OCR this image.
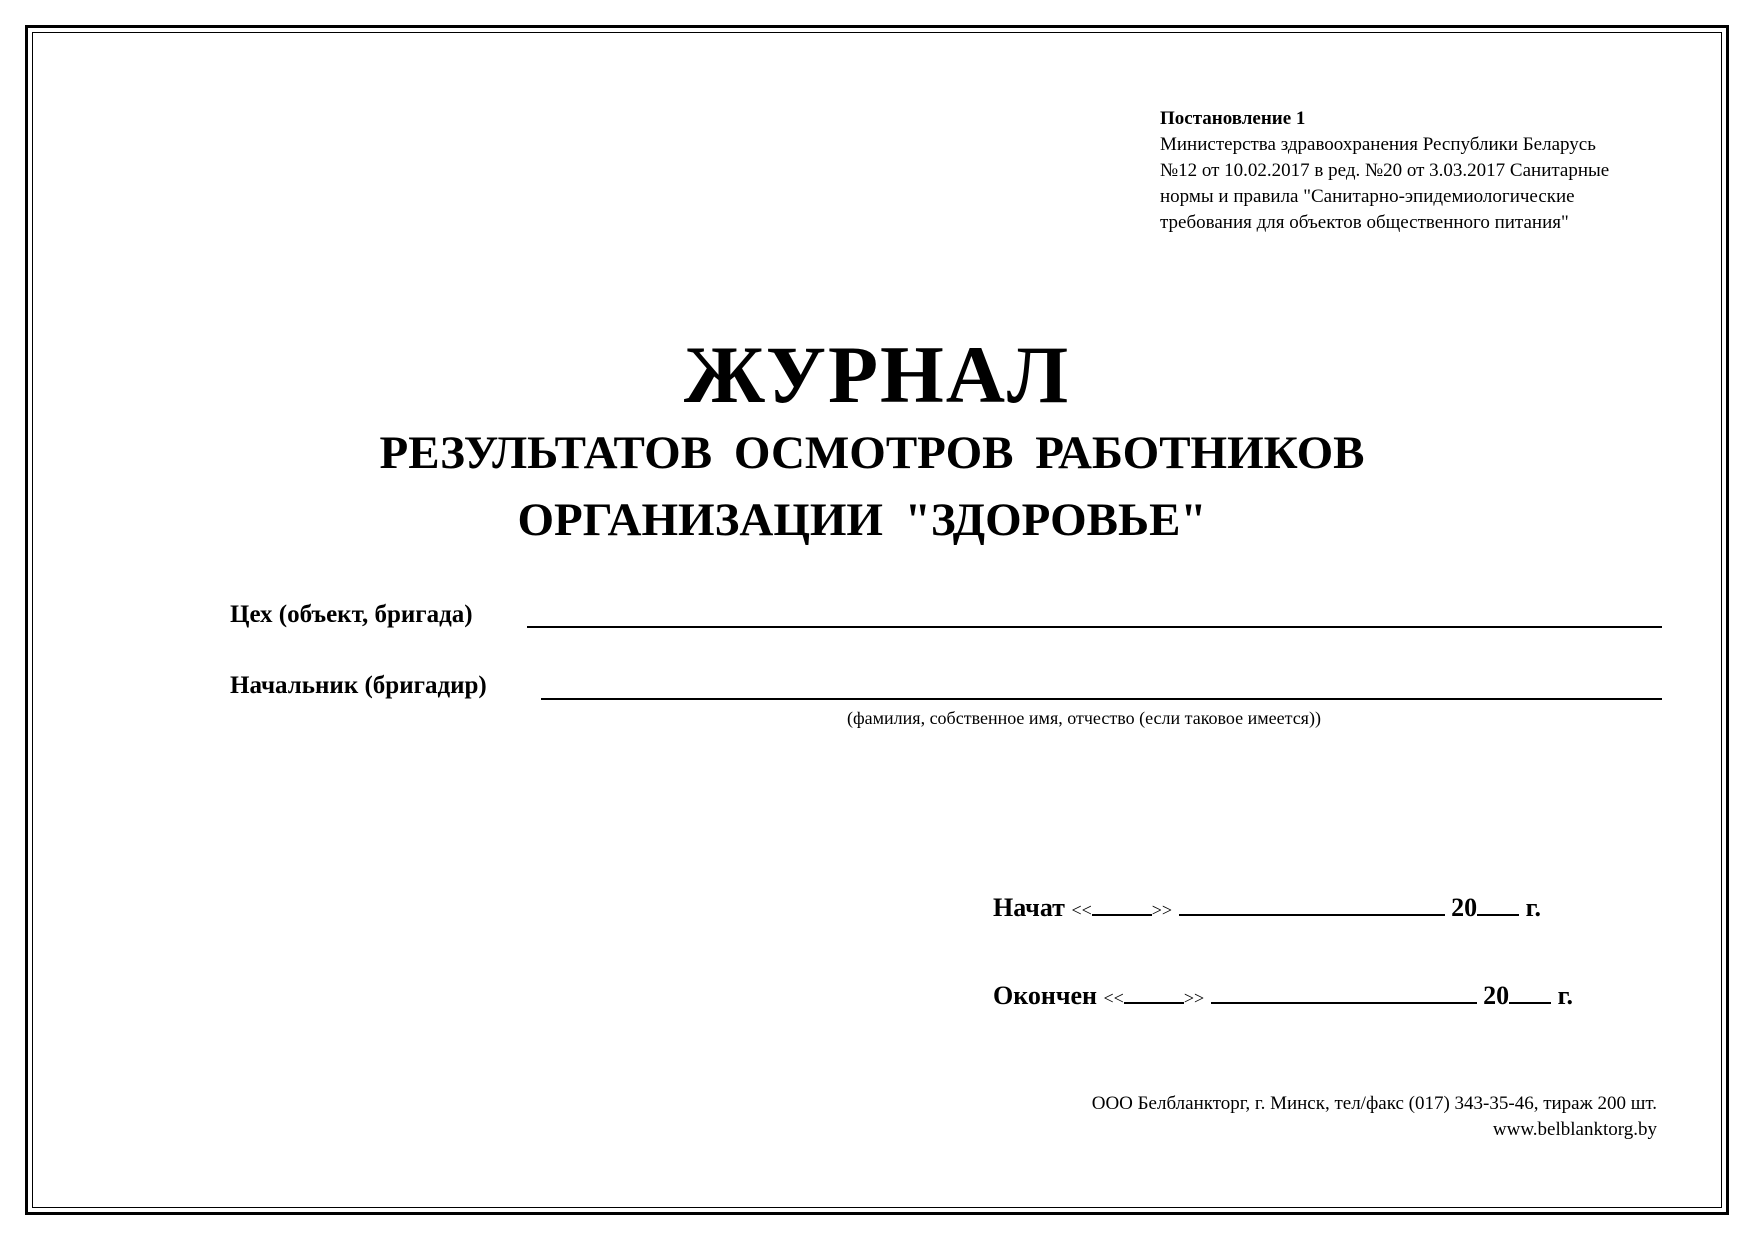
Постановление 1
Министерства здравоохранения Республики Беларусь
№12 от 10.02.2017 в ред. №20 от 3.03.2017 Санитарные
нормы и правила "Санитарно-эпидемиологические
требования для объектов общественного питания"
ЖУРНАЛ
РЕЗУЛЬТАТОВ ОСМОТРОВ РАБОТНИКОВ
ОРГАНИЗАЦИИ "ЗДОРОВЬЕ"
Цех (объект, бригада)
Начальник (бригадир)
(фамилия, собственное имя, отчество (если таковое имеется))
Начат <<	>>	20 г.
Окончен <<	>>	20 г.
ООО Белбланкторг, г. Минск, тел/факс (017) 343-35-46, тираж 200 шт.
www.belblanktorg.by
